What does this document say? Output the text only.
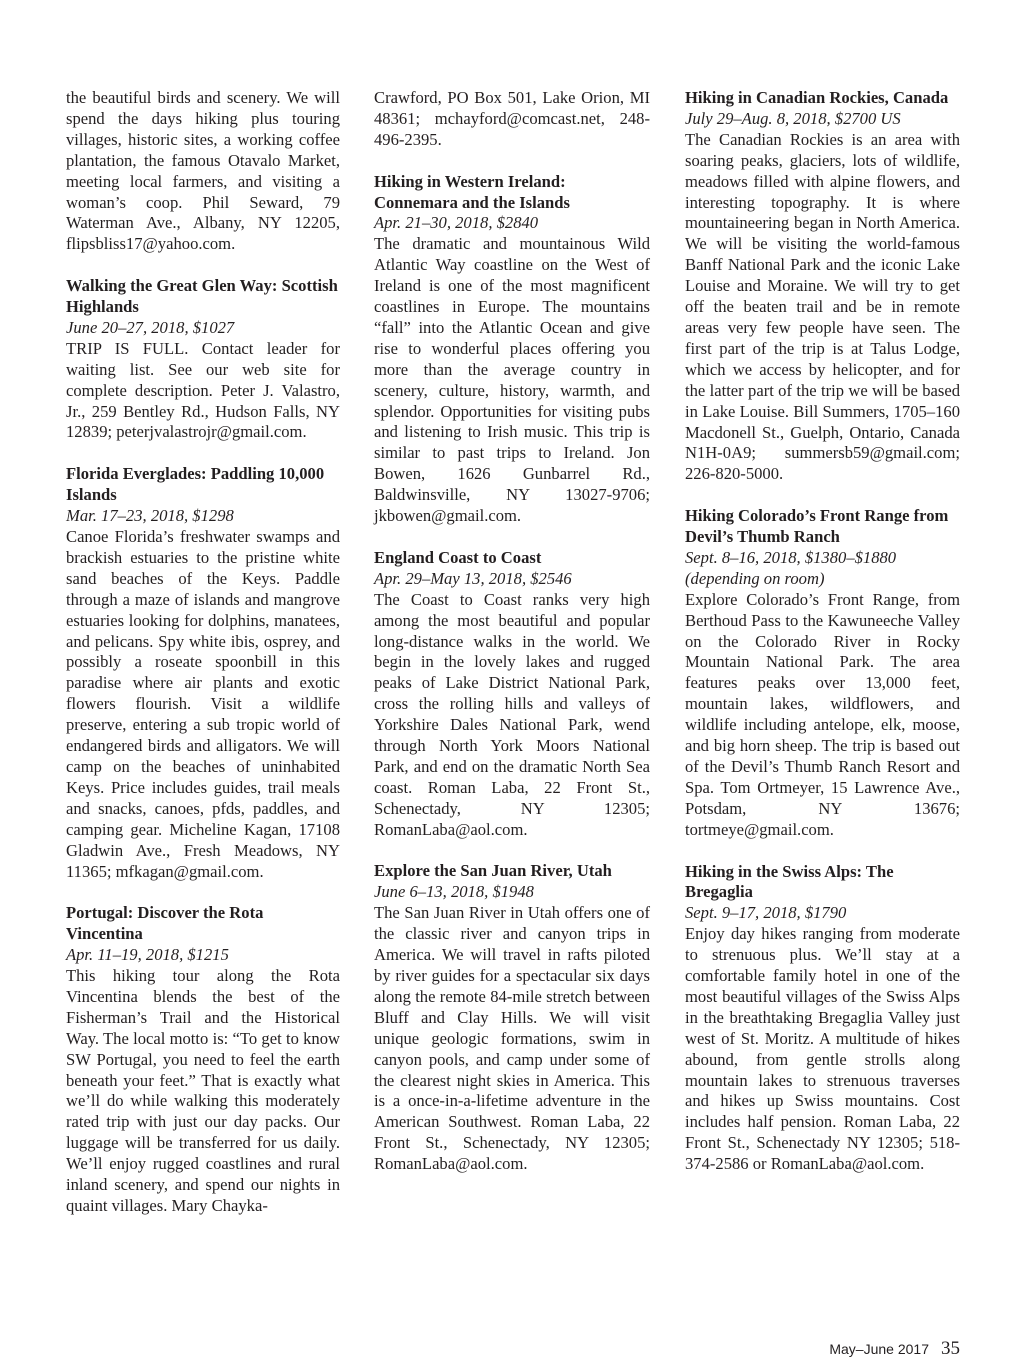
the beautiful birds and scenery. We will spend the days hiking plus touring villages, historic sites, a working coffee plantation, the famous Otavalo Market, meeting local farmers, and visiting a woman’s coop. Phil Seward, 79 Waterman Ave., Albany, NY 12205, flipsbliss17@yahoo.com.

Walking the Great Glen Way: Scottish Highlands

June 20–27, 2018, $1027

TRIP IS FULL. Contact leader for waiting list. See our web site for complete description. Peter J. Valastro, Jr., 259 Bentley Rd., Hudson Falls, NY 12839; peterjvalastrojr@gmail.com.

Florida Everglades: Paddling 10,000 Islands

Mar. 17–23, 2018, $1298

Canoe Florida’s freshwater swamps and brackish estuaries to the pristine white sand beaches of the Keys. Paddle through a maze of islands and mangrove estuaries looking for dolphins, manatees, and pelicans. Spy white ibis, osprey, and possibly a roseate spoonbill in this paradise where air plants and exotic flowers flourish. Visit a wildlife preserve, entering a sub tropic world of endangered birds and alligators. We will camp on the beaches of uninhabited Keys. Price includes guides, trail meals and snacks, canoes, pfds, paddles, and camping gear. Micheline Kagan, 17108 Gladwin Ave., Fresh Meadows, NY 11365; mfkagan@gmail.com.

Portugal: Discover the Rota Vincentina

Apr. 11–19, 2018, $1215

This hiking tour along the Rota Vincentina blends the best of the Fisherman’s Trail and the Historical Way. The local motto is: “To get to know SW Portugal, you need to feel the earth beneath your feet.” That is exactly what we’ll do while walking this moderately rated trip with just our day packs. Our luggage will be transferred for us daily. We’ll enjoy rugged coastlines and rural inland scenery, and spend our nights in quaint villages. Mary Chayka-

Crawford, PO Box 501, Lake Orion, MI 48361; mchayford@comcast.net, 248-496-2395.

Hiking in Western Ireland: Connemara and the Islands

Apr. 21–30, 2018, $2840

The dramatic and mountainous Wild Atlantic Way coastline on the West of Ireland is one of the most magnificent coastlines in Europe. The mountains “fall” into the Atlantic Ocean and give rise to wonderful places offering you more than the average country in scenery, culture, history, warmth, and splendor. Opportunities for visiting pubs and listening to Irish music. This trip is similar to past trips to Ireland. Jon Bowen, 1626 Gunbarrel Rd., Baldwinsville, NY 13027-9706; jkbowen@gmail.com.

England Coast to Coast

Apr. 29–May 13, 2018, $2546

The Coast to Coast ranks very high among the most beautiful and popular long-distance walks in the world. We begin in the lovely lakes and rugged peaks of Lake District National Park, cross the rolling hills and valleys of Yorkshire Dales National Park, wend through North York Moors National Park, and end on the dramatic North Sea coast. Roman Laba, 22 Front St., Schenectady, NY 12305; RomanLaba@aol.com.

Explore the San Juan River, Utah

June 6–13, 2018, $1948

The San Juan River in Utah offers one of the classic river and canyon trips in America. We will travel in rafts piloted by river guides for a spectacular six days along the remote 84-mile stretch between Bluff and Clay Hills. We will visit unique geologic formations, swim in canyon pools, and camp under some of the clearest night skies in America. This is a once-in-a-lifetime adventure in the American Southwest. Roman Laba, 22 Front St., Schenectady, NY 12305; RomanLaba@aol.com.

Hiking in Canadian Rockies, Canada

July 29–Aug. 8, 2018, $2700 US

The Canadian Rockies is an area with soaring peaks, glaciers, lots of wildlife, meadows filled with alpine flowers, and interesting topography. It is where mountaineering began in North America. We will be visiting the world-famous Banff National Park and the iconic Lake Louise and Moraine. We will try to get off the beaten trail and be in remote areas very few people have seen. The first part of the trip is at Talus Lodge, which we access by helicopter, and for the latter part of the trip we will be based in Lake Louise. Bill Summers, 1705–160 Macdonell St., Guelph, Ontario, Canada N1H-0A9; summersb59@gmail.com; 226-820-5000.

Hiking Colorado’s Front Range from Devil’s Thumb Ranch

Sept. 8–16, 2018, $1380–$1880 (depending on room)

Explore Colorado’s Front Range, from Berthoud Pass to the Kawuneeche Valley on the Colorado River in Rocky Mountain National Park. The area features peaks over 13,000 feet, mountain lakes, wildflowers, and wildlife including antelope, elk, moose, and big horn sheep. The trip is based out of the Devil’s Thumb Ranch Resort and Spa. Tom Ortmeyer, 15 Lawrence Ave., Potsdam, NY 13676; tortmeye@gmail.com.

Hiking in the Swiss Alps: The Bregaglia

Sept. 9–17, 2018, $1790

Enjoy day hikes ranging from moderate to strenuous plus. We’ll stay at a comfortable family hotel in one of the most beautiful villages of the Swiss Alps in the breathtaking Bregaglia Valley just west of St. Moritz. A multitude of hikes abound, from gentle strolls along mountain lakes to strenuous traverses and hikes up Swiss mountains. Cost includes half pension. Roman Laba, 22 Front St., Schenectady NY 12305; 518-374-2586 or RomanLaba@aol.com.

May–June 2017 35
